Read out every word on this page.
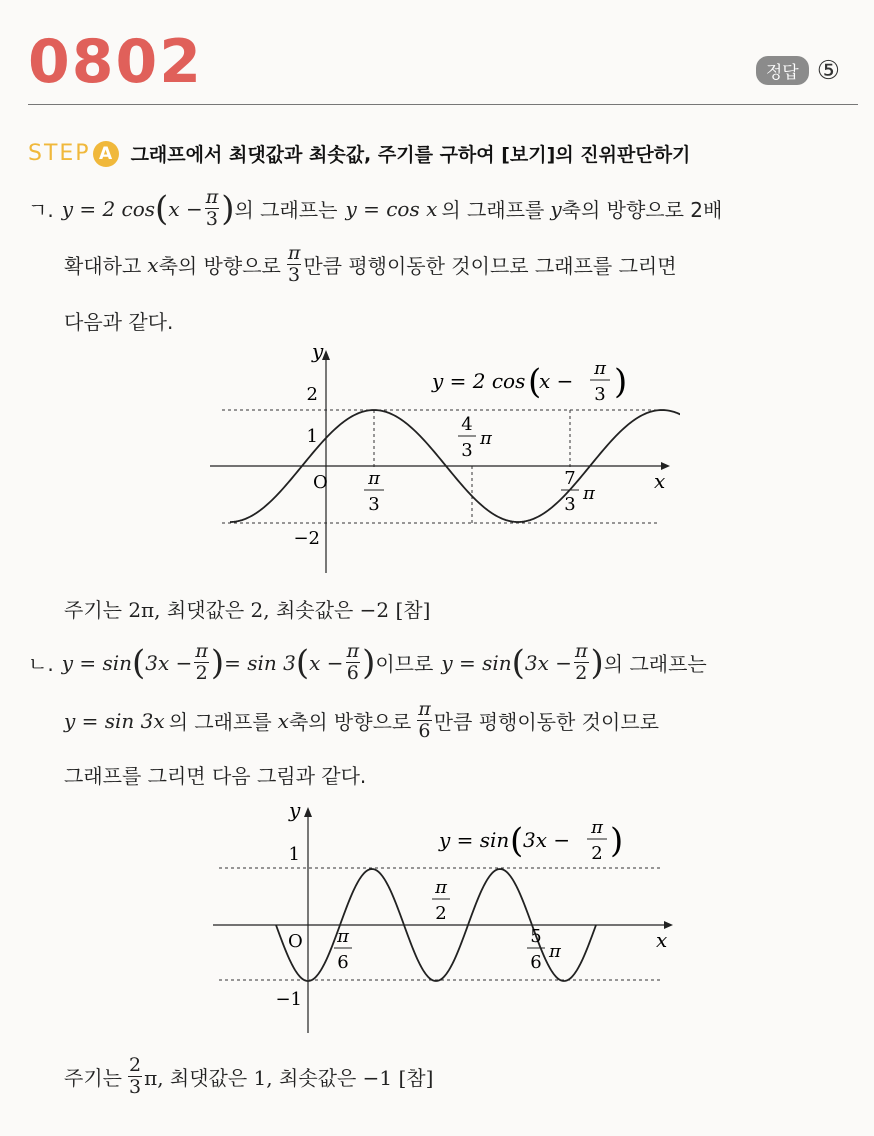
0802	정답 ⑤
STEP A 그래프에서 최댓값과 최솟값, 주기를 구하여 [보기]의 진위판단하기
ㄱ. y = 2 cos ( $x - \frac{\pi}{3}$ ) 의 그래프는 y = cos x 의 그래프를 y 축의 방향으로 2배
확대하고 x 축의 방향으로 $\frac{\pi}{3}$ 만큼 평행이동한 것이므로 그래프를 그리면
다음과 같다.
y
x
O
2
1
−2
y = 2 cos (
x −
π
3 )
π
3
4
3
π
7
3
π
주기는 2π, 최댓값은 2, 최솟값은 −2 [참]
ㄴ. y = sin ( $3x - \frac{\pi}{2}$ ) = sin 3 ( $x - \frac{\pi}{6}$ ) 이므로 y = sin ( $3x - \frac{\pi}{2}$ ) 의 그래프는
y = sin 3x 의 그래프를 x 축의 방향으로 $\frac{\pi}{6}$ 만큼 평행이동한 것이므로
그래프를 그리면 다음 그림과 같다.
y
x
O
1
−1
y = sin ( 3x −
π
2 )
π
6
π
2
5
6
π
주기는 $\frac{2}{3} \pi$, 최댓값은 1, 최솟값은 −1 [참]
